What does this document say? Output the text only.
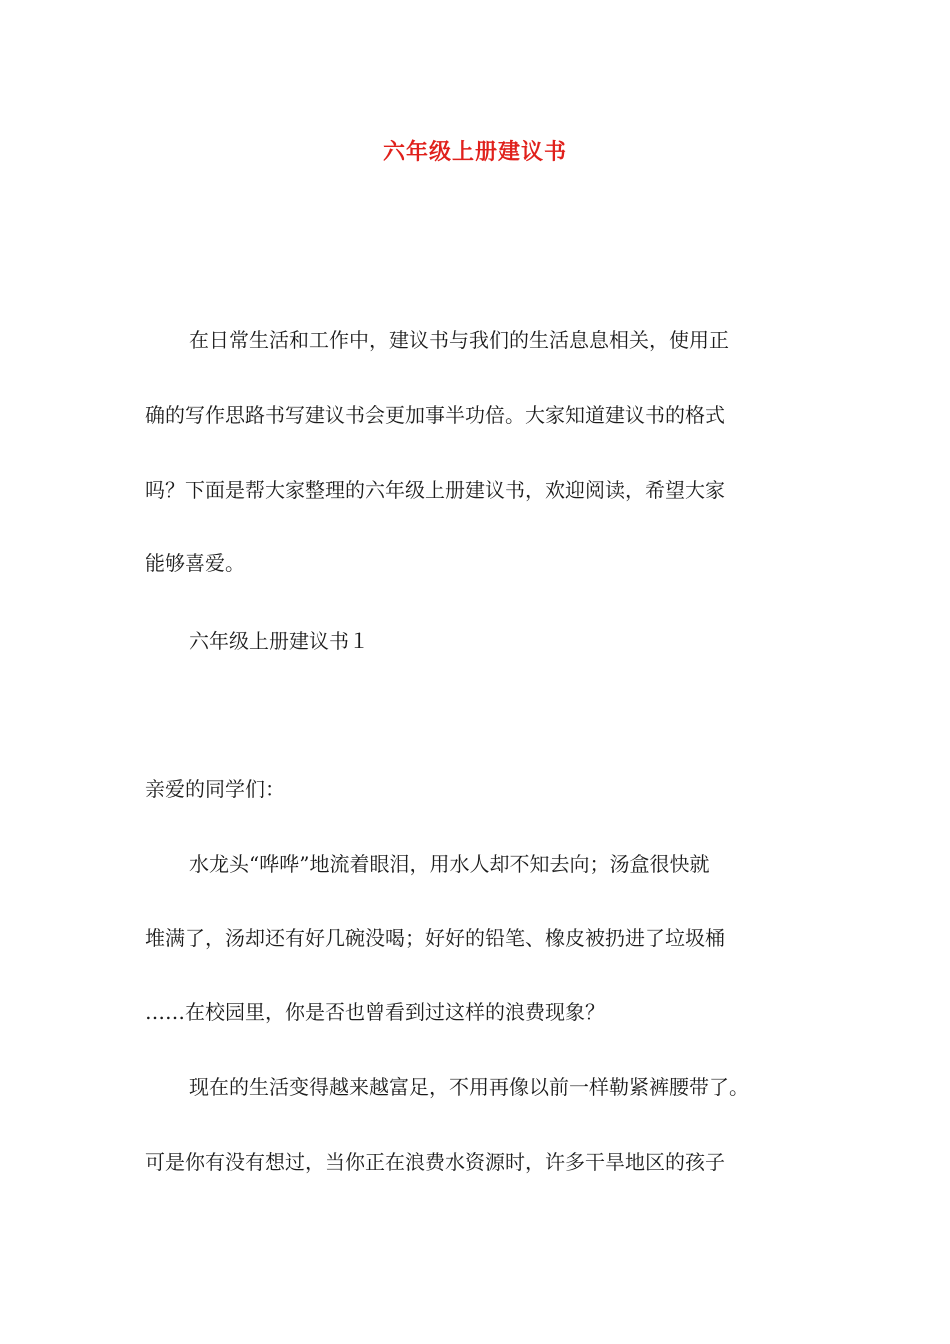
六年级上册建议书
在日常生活和工作中，建议书与我们的生活息息相关，使用正
确的写作思路书写建议书会更加事半功倍。大家知道建议书的格式
吗？下面是帮大家整理的六年级上册建议书，欢迎阅读，希望大家
能够喜爱。
六年级上册建议书１
亲爱的同学们：
水龙头“哗哗”地流着眼泪，用水人却不知去向；汤盒很快就
堆满了，汤却还有好几碗没喝；好好的铅笔、橡皮被扔进了垃圾桶
……在校园里，你是否也曾看到过这样的浪费现象？
现在的生活变得越来越富足，不用再像以前一样勒紧裤腰带了。
可是你有没有想过，当你正在浪费水资源时，许多干旱地区的孩子
